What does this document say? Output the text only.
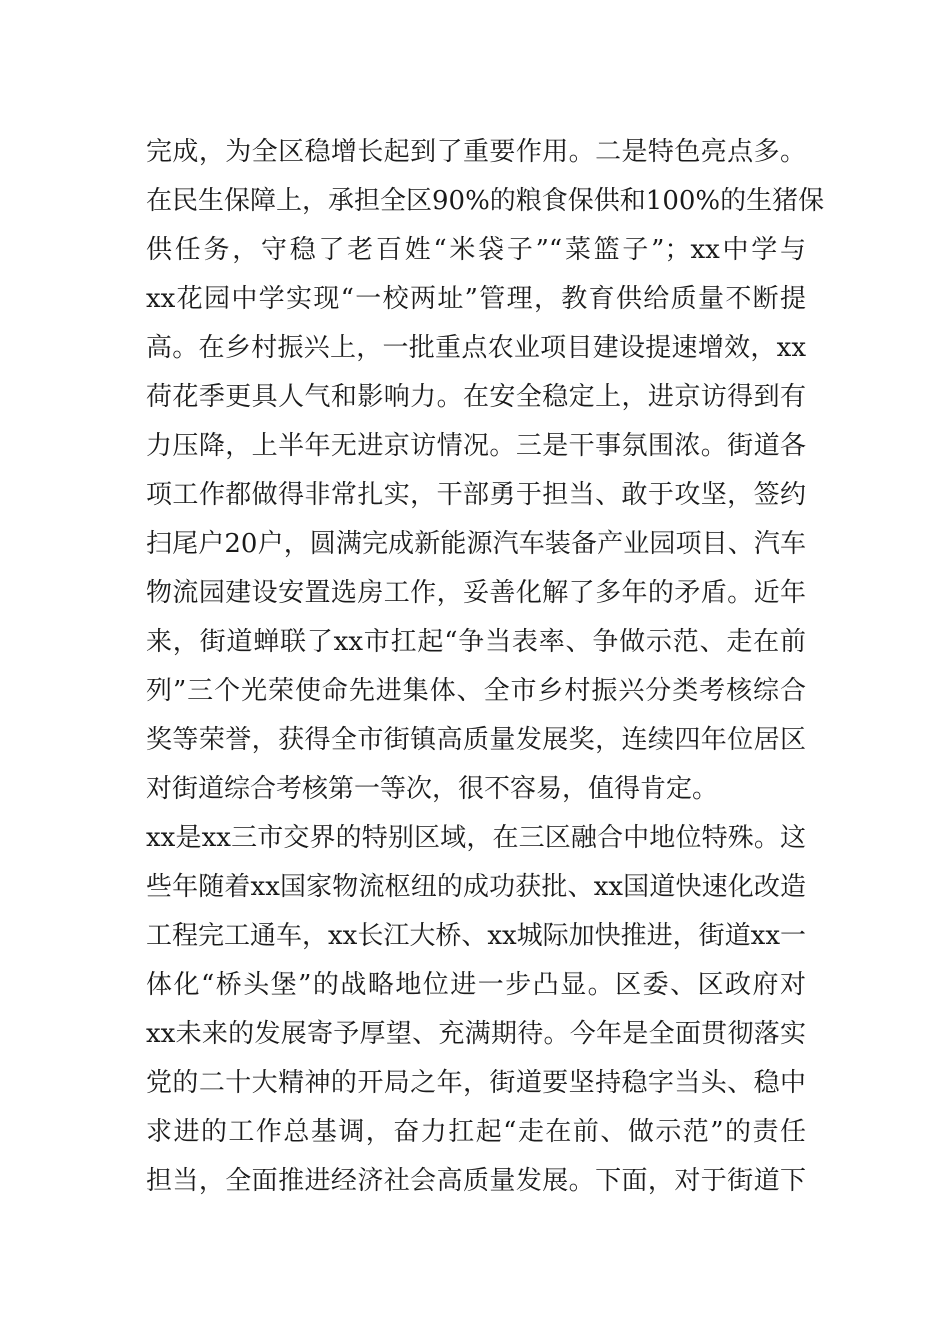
完成，为全区稳增长起到了重要作用。二是特色亮点多。
在民生保障上，承担全区90%的粮食保供和100%的生猪保
供任务，守稳了老百姓“米袋子”“菜篮子”；xx中学与
xx花园中学实现“一校两址”管理，教育供给质量不断提
高。在乡村振兴上，一批重点农业项目建设提速增效，xx
荷花季更具人气和影响力。在安全稳定上，进京访得到有
力压降，上半年无进京访情况。三是干事氛围浓。街道各
项工作都做得非常扎实，干部勇于担当、敢于攻坚，签约
扫尾户20户，圆满完成新能源汽车装备产业园项目、汽车
物流园建设安置选房工作，妥善化解了多年的矛盾。近年
来，街道蝉联了xx市扛起“争当表率、争做示范、走在前
列”三个光荣使命先进集体、全市乡村振兴分类考核综合
奖等荣誉，获得全市街镇高质量发展奖，连续四年位居区
对街道综合考核第一等次，很不容易，值得肯定。
xx是xx三市交界的特别区域，在三区融合中地位特殊。这
些年随着xx国家物流枢纽的成功获批、xx国道快速化改造
工程完工通车，xx长江大桥、xx城际加快推进，街道xx一
体化“桥头堡”的战略地位进一步凸显。区委、区政府对
xx未来的发展寄予厚望、充满期待。今年是全面贯彻落实
党的二十大精神的开局之年，街道要坚持稳字当头、稳中
求进的工作总基调，奋力扛起“走在前、做示范”的责任
担当，全面推进经济社会高质量发展。下面，对于街道下
